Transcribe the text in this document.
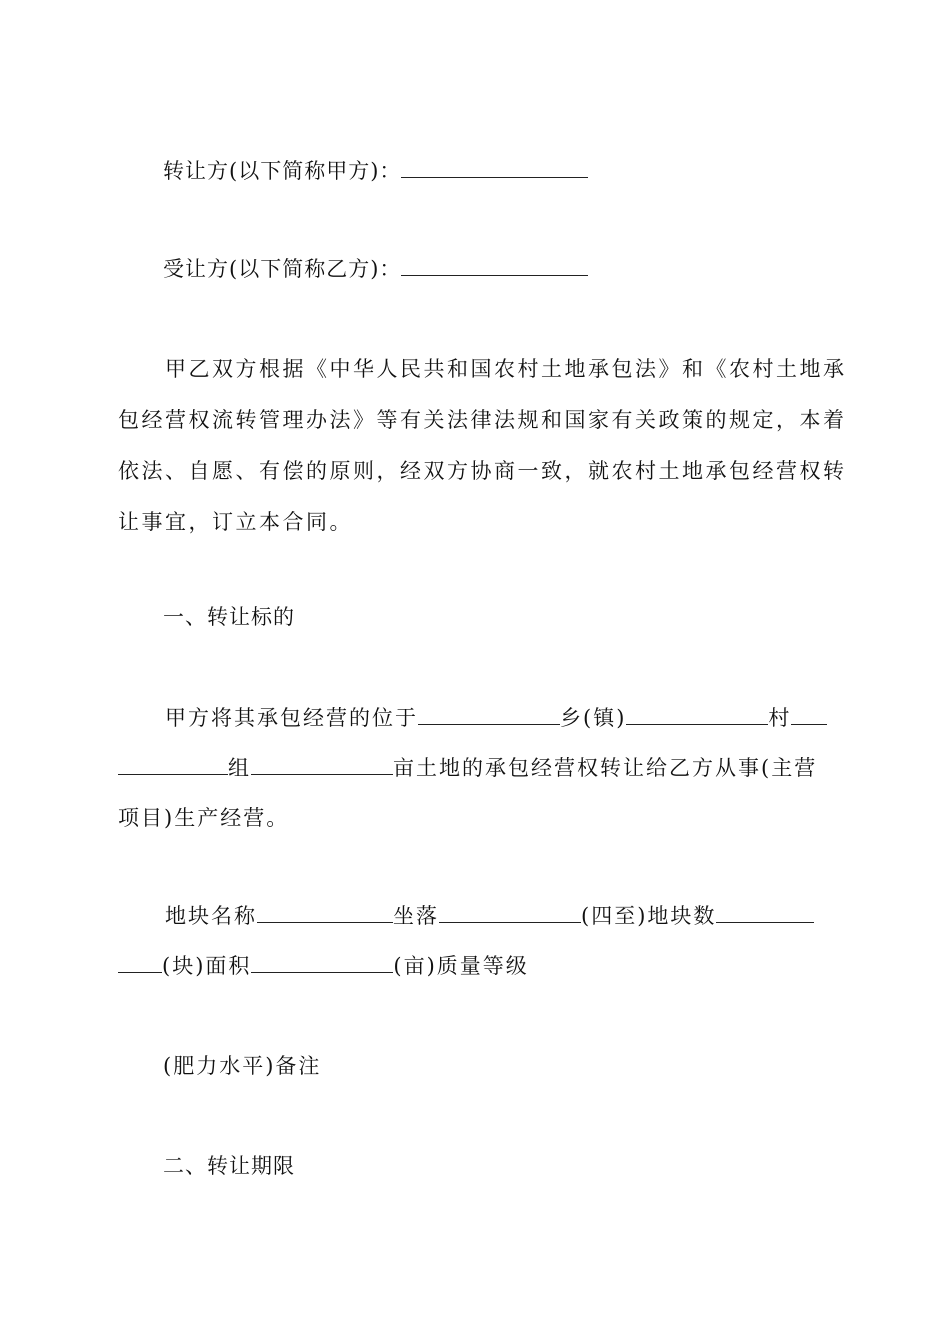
转让方(以下简称甲方)：
受让方(以下简称乙方)：
甲乙双方根据《中华人民共和国农村土地承包法》和《农村土地承
包经营权流转管理办法》等有关法律法规和国家有关政策的规定，本着
依法、自愿、有偿的原则，经双方协商一致，就农村土地承包经营权转
让事宜，订立本合同。
一、转让标的
甲方将其承包经营的位于	乡(镇)	村
组	亩土地的承包经营权转让给乙方从事(主营
项目)生产经营。
地块名称	坐落	(四至)地块数
(块)面积	(亩)质量等级
(肥力水平)备注
二、转让期限
